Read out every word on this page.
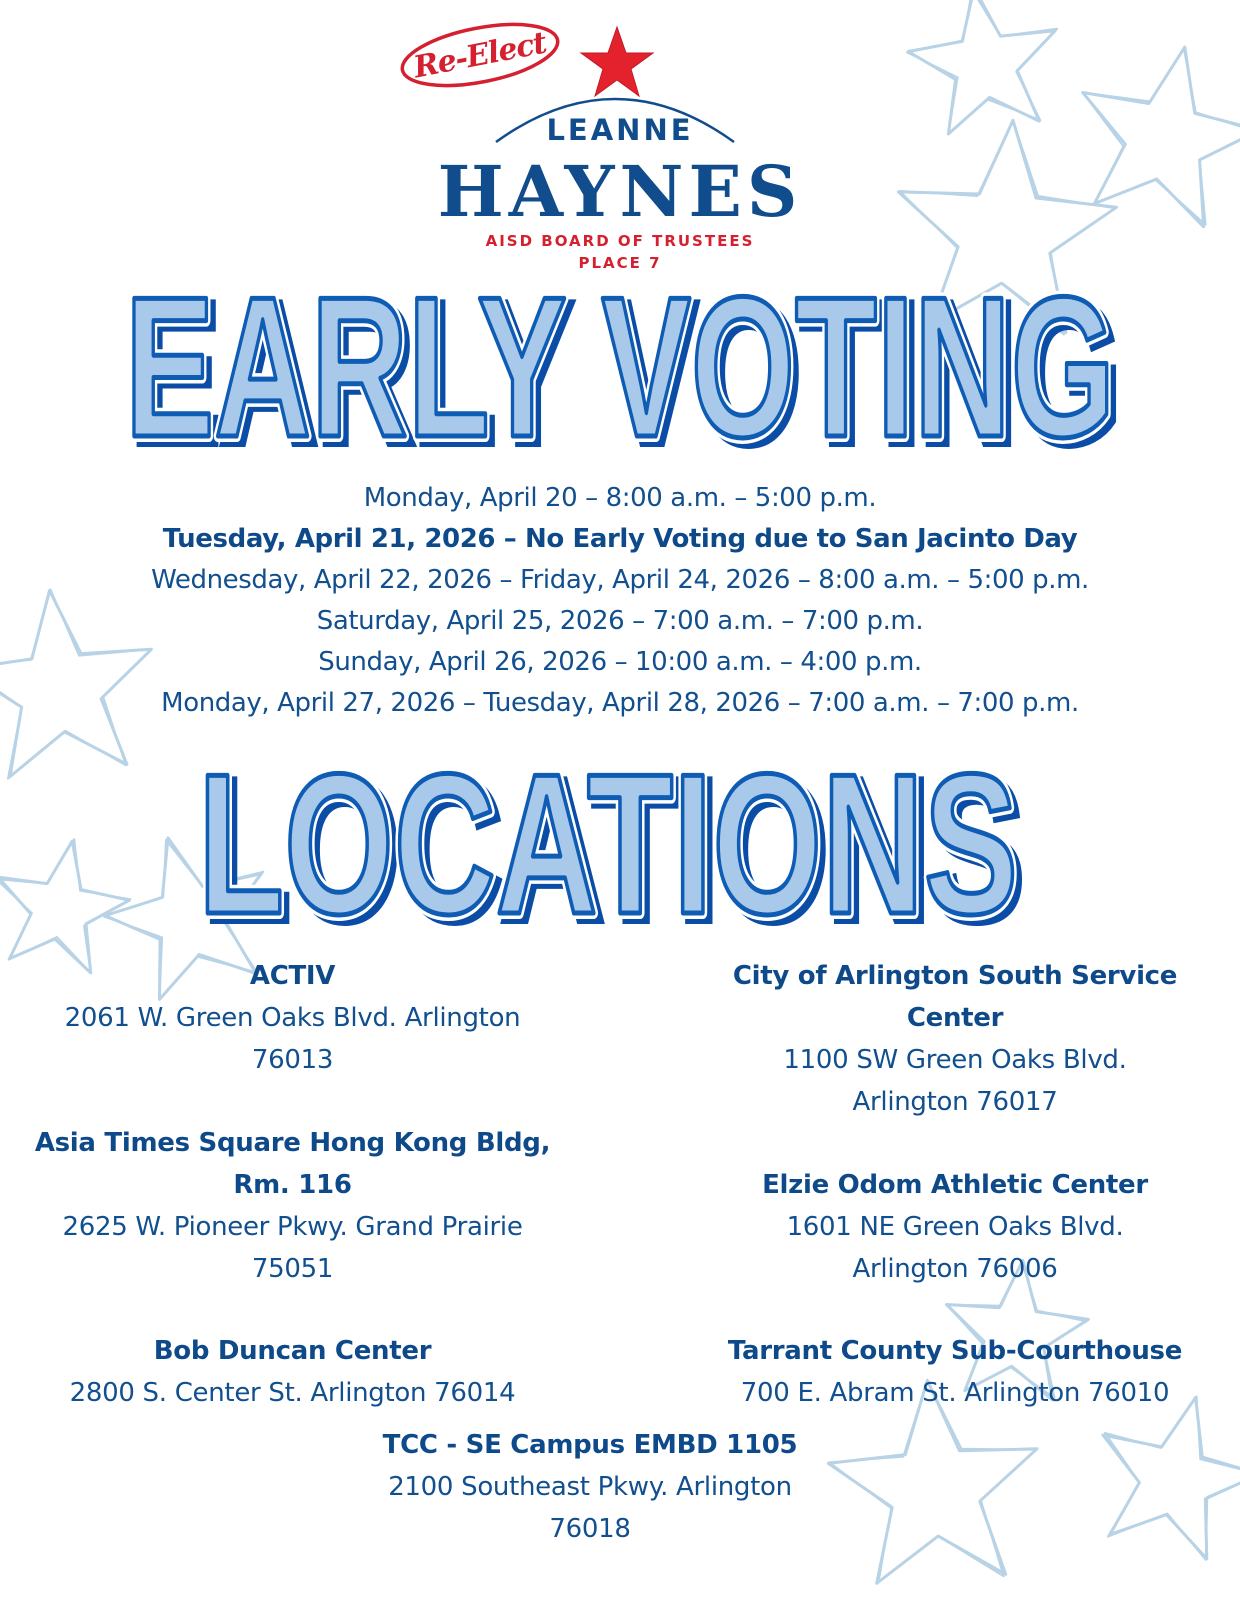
Re-Elect
LEANNE
HAYNES
AISD BOARD OF TRUSTEES
PLACE 7
EARLY VOTING
EARLY VOTING
EARLY VOTING
Monday, April 20 – 8:00 a.m. – 5:00 p.m.
Tuesday, April 21, 2026 – No Early Voting due to San Jacinto Day
Wednesday, April 22, 2026 – Friday, April 24, 2026 – 8:00 a.m. – 5:00 p.m.
Saturday, April 25, 2026 – 7:00 a.m. – 7:00 p.m.
Sunday, April 26, 2026 – 10:00 a.m. – 4:00 p.m.
Monday, April 27, 2026 – Tuesday, April 28, 2026 – 7:00 a.m. – 7:00 p.m.
LOCATIONS
LOCATIONS
LOCATIONS
ACTIV
2061 W. Green Oaks Blvd. Arlington
76013
City of Arlington South Service
Center
1100 SW Green Oaks Blvd.
Arlington 76017
Asia Times Square Hong Kong Bldg,
Rm. 116
2625 W. Pioneer Pkwy. Grand Prairie
75051
Elzie Odom Athletic Center
1601 NE Green Oaks Blvd.
Arlington 76006
Bob Duncan Center
2800 S. Center St. Arlington 76014
Tarrant County Sub-Courthouse
700 E. Abram St. Arlington 76010
TCC - SE Campus EMBD 1105
2100 Southeast Pkwy. Arlington
76018
